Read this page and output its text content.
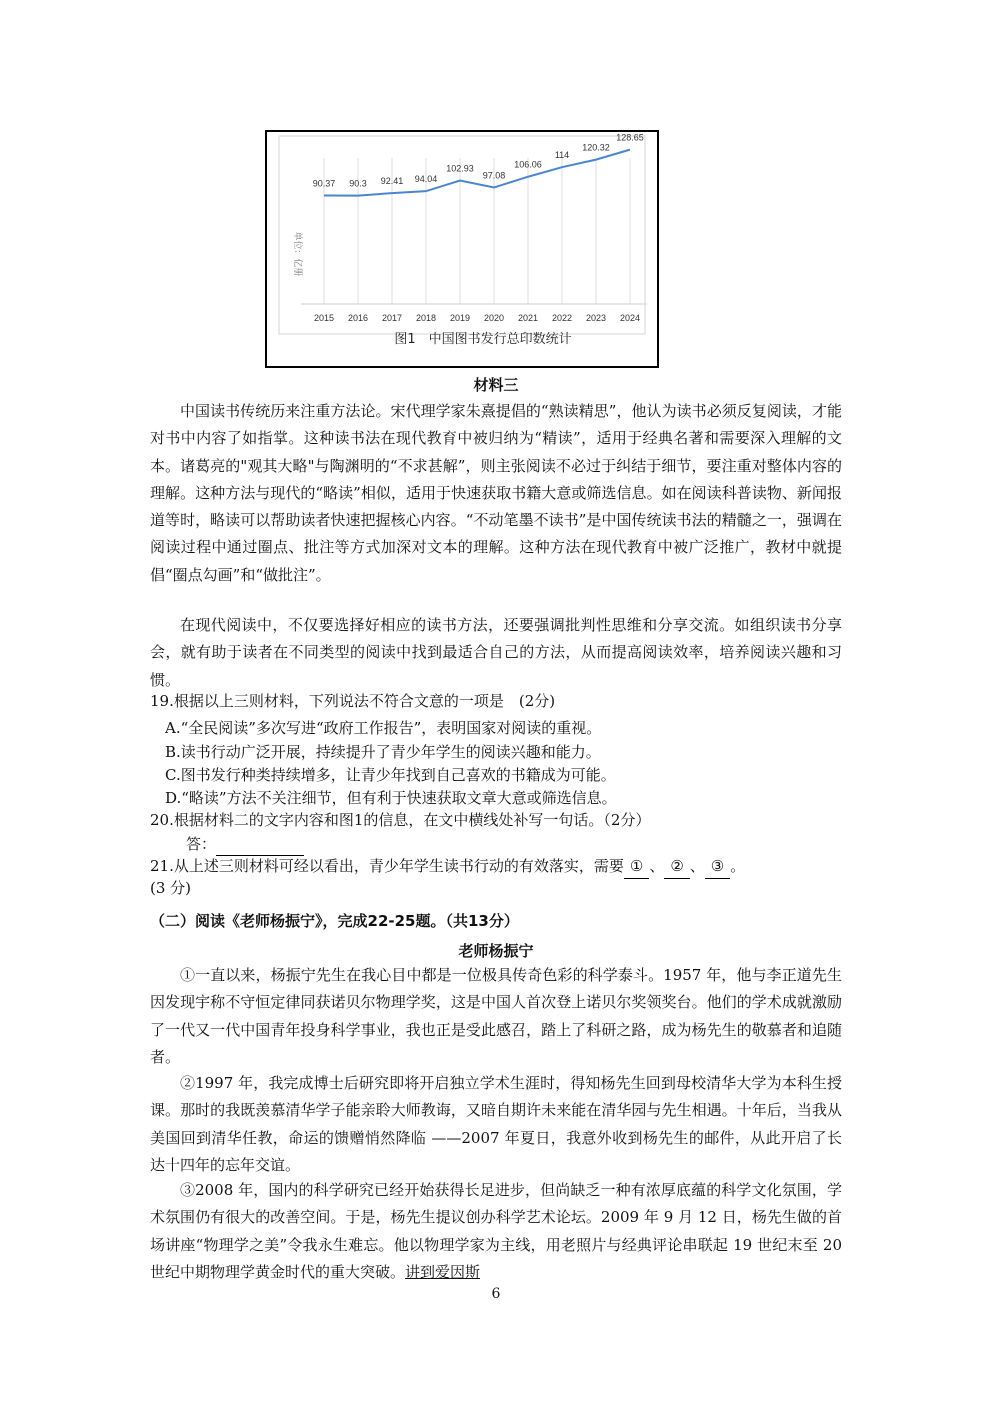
90.37 90.3 92.41 94.04
102.93
97.08
106.06
114
120.32
128.65
2015 2016 2017 2018 2019 2020 2021 2022 2023 2024
单位：亿册
图1　中国图书发行总印数统计
材料三

中国读书传统历来注重方法论。宋代理学家朱熹提倡的“熟读精思”，他认为读书必须反复阅读，才能对书中内容了如指掌。这种读书法在现代教育中被归纳为“精读”，适用于经典名著和需要深入理解的文本。诸葛亮的"观其大略"与陶渊明的“不求甚解”，则主张阅读不必过于纠结于细节，要注重对整体内容的理解。这种方法与现代的“略读”相似，适用于快速获取书籍大意或筛选信息。如在阅读科普读物、新闻报道等时，略读可以帮助读者快速把握核心内容。“不动笔墨不读书”是中国传统读书法的精髓之一，强调在阅读过程中通过圈点、批注等方式加深对文本的理解。这种方法在现代教育中被广泛推广，教材中就提倡“圈点勾画”和“做批注”。

在现代阅读中，不仅要选择好相应的读书方法，还要强调批判性思维和分享交流。如组织读书分享会，就有助于读者在不同类型的阅读中找到最适合自己的方法，从而提高阅读效率，培养阅读兴趣和习惯。

19.根据以上三则材料，下列说法不符合文意的一项是　(2分)
A.“全民阅读”多次写进“政府工作报告”，表明国家对阅读的重视。
B.读书行动广泛开展，持续提升了青少年学生的阅读兴趣和能力。
C.图书发行种类持续增多，让青少年找到自己喜欢的书籍成为可能。
D.“略读”方法不关注细节，但有利于快速获取文章大意或筛选信息。
20.根据材料二的文字内容和图1的信息，在文中横线处补写一句话。（2分）
答：
21.从上述三则材料可经以看出，青少年学生读书行动的有效落实，需要 ① 、 ② 、 ③ 。
(3 分)
（二）阅读《老师杨振宁》，完成22-25题。（共13分）
老师杨振宁

①一直以来，杨振宁先生在我心目中都是一位极具传奇色彩的科学泰斗。1957 年，他与李正道先生因发现宇称不守恒定律同获诺贝尔物理学奖，这是中国人首次登上诺贝尔奖领奖台。他们的学术成就激励了一代又一代中国青年投身科学事业，我也正是受此感召，踏上了科研之路，成为杨先生的敬慕者和追随者。

②1997 年，我完成博士后研究即将开启独立学术生涯时，得知杨先生回到母校清华大学为本科生授课。那时的我既羡慕清华学子能亲聆大师教诲，又暗自期许未来能在清华园与先生相遇。十年后，当我从美国回到清华任教，命运的馈赠悄然降临 ——2007 年夏日，我意外收到杨先生的邮件，从此开启了长达十四年的忘年交谊。

③2008 年，国内的科学研究已经开始获得长足进步，但尚缺乏一种有浓厚底蕴的科学文化氛围，学术氛围仍有很大的改善空间。于是，杨先生提议创办科学艺术论坛。2009 年 9 月 12 日，杨先生做的首场讲座“物理学之美”令我永生难忘。他以物理学家为主线，用老照片与经典评论串联起 19 世纪末至 20 世纪中期物理学黄金时代的重大突破。讲到爱因斯

6
